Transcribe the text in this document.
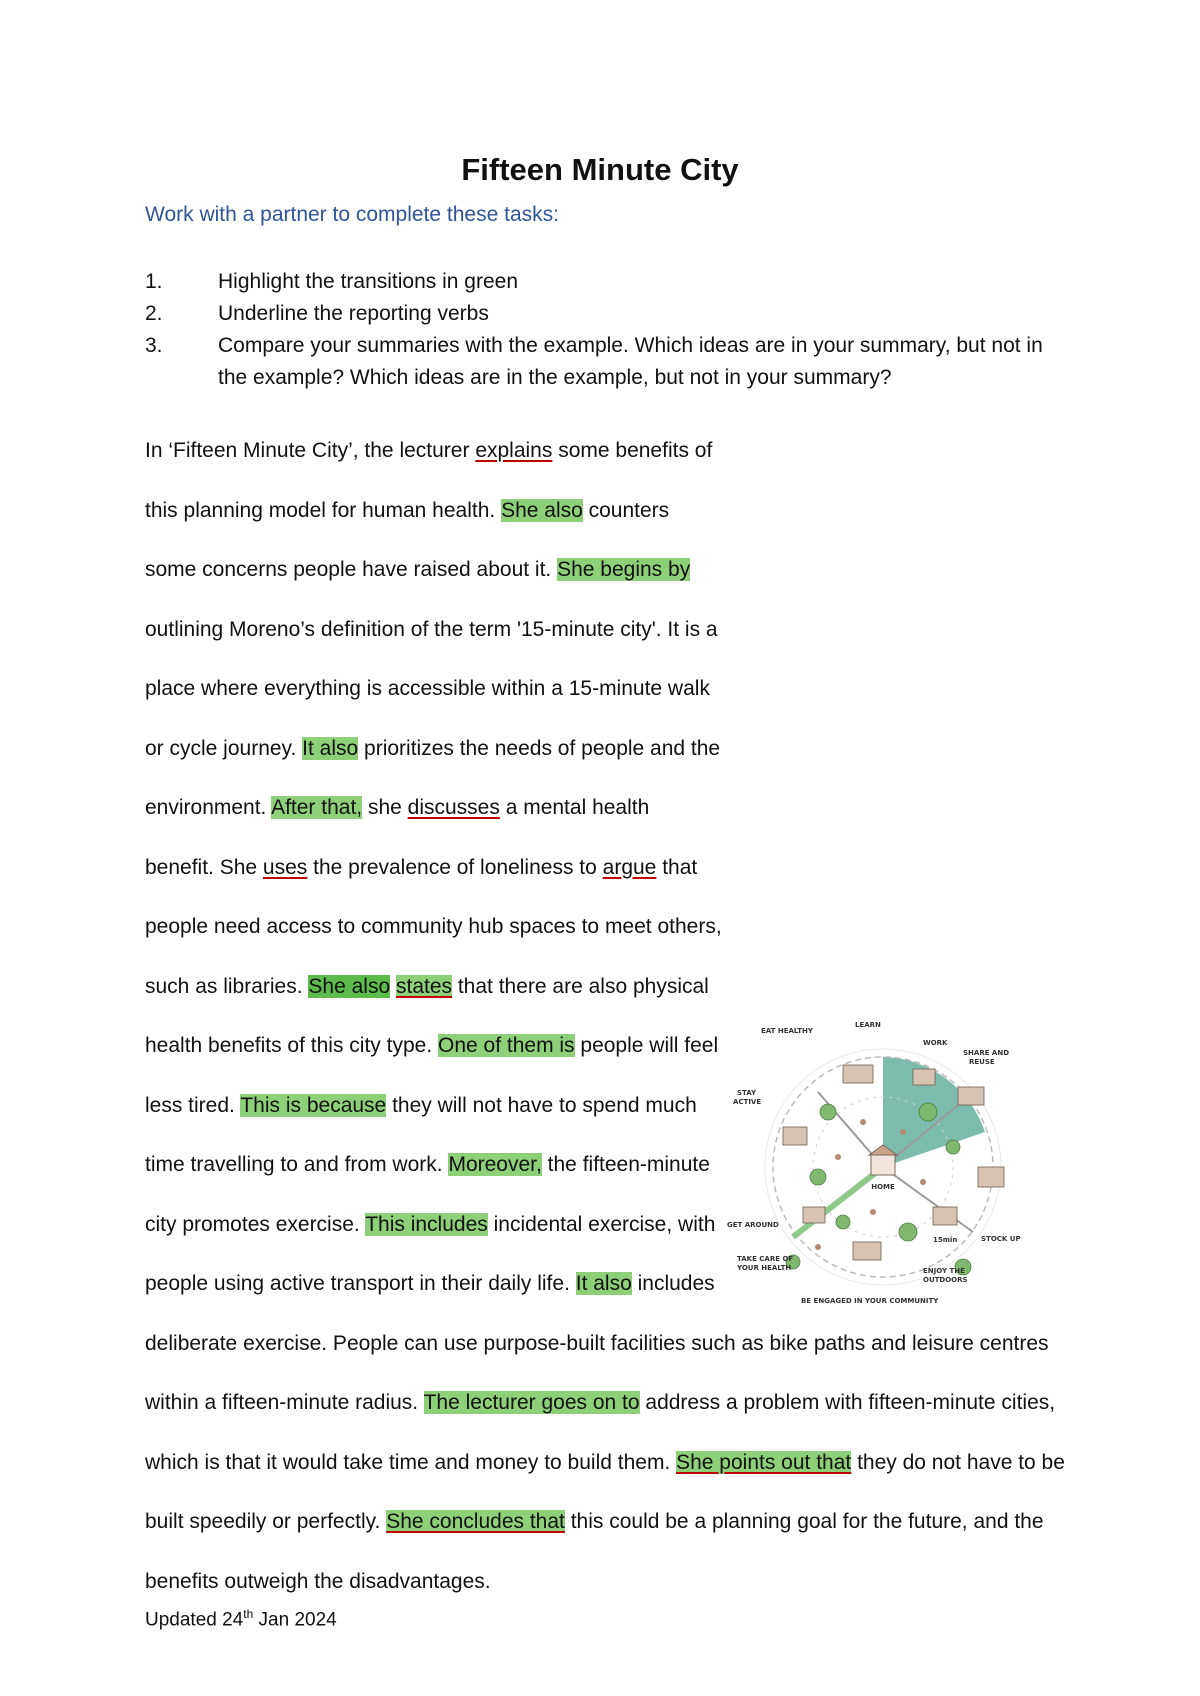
Fifteen Minute City
Work with a partner to complete these tasks:
1.	Highlight the transitions in green
2.	Underline the reporting verbs
3.	Compare your summaries with the example. Which ideas are in your summary, but not in the example? Which ideas are in the example, but not in your summary?
HOME
15min
EAT HEALTHY
LEARN
WORK
SHARE AND
REUSE
STAY
ACTIVE
GET AROUND
STOCK UP
TAKE CARE OF
YOUR HEALTH	ENJOY THE
OUTDOORS
BE ENGAGED IN YOUR COMMUNITY
In ‘Fifteen Minute City’, the lecturer explains some benefits of this planning model for human health. She also counters some concerns people have raised about it. She begins by outlining Moreno’s definition of the term '15-minute city'. It is a place where everything is accessible within a 15-minute walk or cycle journey. It also prioritizes the needs of people and the environment. After that, she discusses a mental health benefit. She uses the prevalence of loneliness to argue that people need access to community hub spaces to meet others, such as libraries. She also states that there are also physical health benefits of this city type. One of them is people will feel less tired. This is because they will not have to spend much time travelling to and from work. Moreover, the fifteen-minute city promotes exercise. This includes incidental exercise, with people using active transport in their daily life. It also includes deliberate exercise. People can use purpose-built facilities such as bike paths and leisure centres within a fifteen-minute radius. The lecturer goes on to address a problem with fifteen-minute cities, which is that it would take time and money to build them. She points out that they do not have to be built speedily or perfectly. She concludes that this could be a planning goal for the future, and the benefits outweigh the disadvantages.
Updated 24th Jan 2024
